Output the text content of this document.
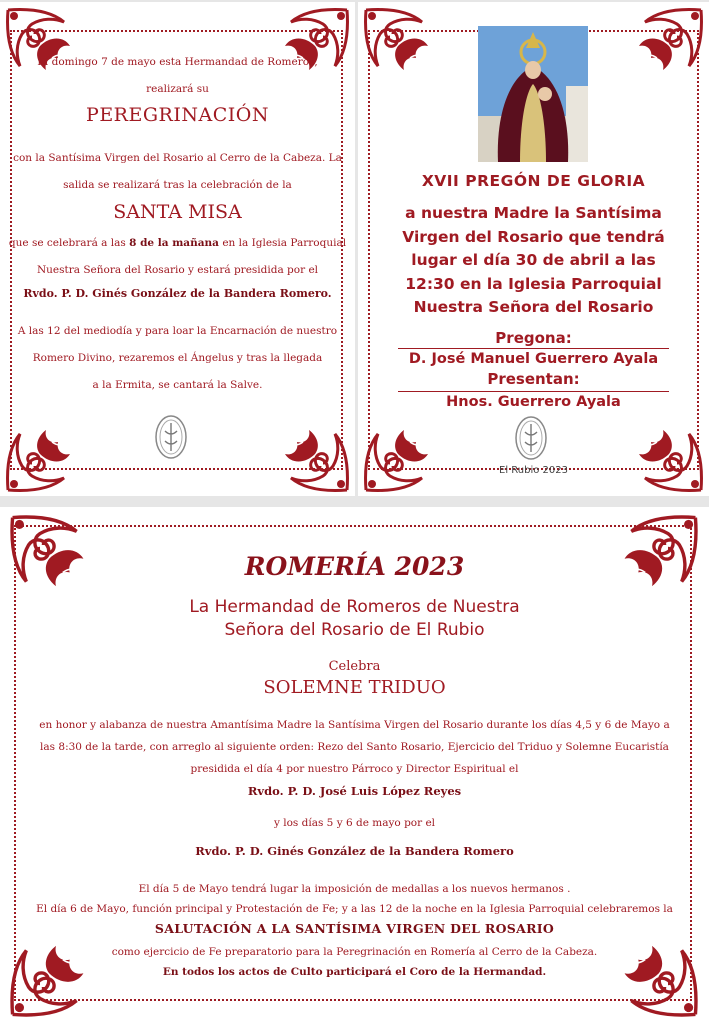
El domingo 7 de mayo esta Hermandad de Romeros,
realizará su
PEREGRINACIÓN
con la Santísima Virgen del Rosario al Cerro de la Cabeza. La
salida se realizará tras la celebración de la
SANTA MISA
que se celebrará a las 8 de la mañana en la Iglesia Parroquial
Nuestra Señora del Rosario y estará presidida por el
Rvdo. P. D. Ginés González de la Bandera Romero.
A las 12 del mediodía y para loar la Encarnación de nuestro
Romero Divino, rezaremos el Ángelus y tras la llegada
a la Ermita, se cantará la Salve.
XVII PREGÓN DE GLORIA
a nuestra Madre la Santísima
Virgen del Rosario que tendrá
lugar el día 30 de abril a las
12:30 en la Iglesia Parroquial
Nuestra Señora del Rosario
Pregona:
D. José Manuel Guerrero Ayala
Presentan:
Hnos. Guerrero Ayala
El Rubio 2023
ROMERÍA 2023
La Hermandad de Romeros de Nuestra
Señora del Rosario de El Rubio
Celebra
SOLEMNE TRIDUO
en honor y alabanza de nuestra Amantísima Madre la Santísima Virgen del Rosario durante los días 4,5 y 6 de Mayo a
las 8:30 de la tarde, con arreglo al siguiente orden: Rezo del Santo Rosario, Ejercicio del Triduo y Solemne Eucaristía
presidida el día 4 por nuestro Párroco y Director Espiritual el
Rvdo. P. D. José Luis López Reyes
y los días 5 y 6 de mayo por el
Rvdo. P. D. Ginés González de la Bandera Romero
El día 5 de Mayo tendrá lugar la imposición de medallas a los nuevos hermanos .
El día 6 de Mayo, función principal y Protestación de Fe; y a las 12 de la noche en la Iglesia Parroquial celebraremos la
SALUTACIÓN A LA SANTÍSIMA VIRGEN DEL ROSARIO
como ejercicio de Fe preparatorio para la Peregrinación en Romería al Cerro de la Cabeza.
En todos los actos de Culto participará el Coro de la Hermandad.
